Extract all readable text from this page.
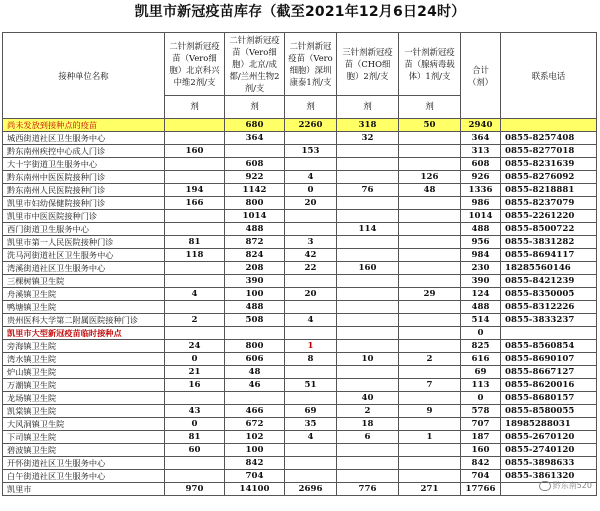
凯里市新冠疫苗库存（截至2021年12月6日24时）
接种单位名称	二针剂新冠疫苗（Vero细胞）北京科兴中维2剂/支	二针剂新冠疫苗（Vero细胞）北京/成都/兰州生物2剂/支	二针剂新冠疫苗（Vero细胞）深圳康泰1剂/支	三针剂新冠疫苗（CHO细胞）2剂/支	一针剂新冠疫苗（腺病毒载体）1剂/支	合计（剂）	联系电话
	剂	剂	剂	剂	剂		
尚未发放到接种点的疫苗		680	2260	318	50	2940	
城西街道社区卫生服务中心		364		32		364	0855-8257408
黔东南州疾控中心成人门诊	160		153			313	0855-8277018
大十字街道卫生服务中心		608				608	0855-8231639
黔东南州中医医院接种门诊		922	4		126	926	0855-8276092
黔东南州人民医院接种门诊	194	1142	0	76	48	1336	0855-8218881
凯里市妇幼保健院接种门诊	166	800	20			986	0855-8237079
凯里市中医医院接种门诊		1014				1014	0855-2261220
西门街道卫生服务中心		488		114		488	0855-8500722
凯里市第一人民医院接种门诊	81	872	3			956	0855-3831282
洗马河街道社区卫生服务中心	118	824	42			984	0855-8694117
湾溪街道社区卫生服务中心		208	22	160		230	18285560146
三棵树镇卫生院		390				390	0855-8421239
舟溪镇卫生院	4	100	20		29	124	0855-8350005
鸭塘镇卫生院		488				488	0855-8312226
贵州医科大学第二附属医院接种门诊	2	508	4			514	0855-3833237
凯里市大型新冠疫苗临时接种点						0	
旁海镇卫生院	24	800	1			825	0855-8560854
湾水镇卫生院	0	606	8	10	2	616	0855-8690107
炉山镇卫生院	21	48				69	0855-8667127
万潮镇卫生院	16	46	51		7	113	0855-8620016
龙场镇卫生院				40		0	0855-8680157
凯棠镇卫生院	43	466	69	2	9	578	0855-8580055
大风洞镇卫生院	0	672	35	18		707	18985288031
下司镇卫生院	81	102	4	6	1	187	0855-2670120
碧波镇卫生院	60	100				160	0855-2740120
开怀街道社区卫生服务中心		842				842	0855-3898633
白午街道社区卫生服务中心		704				704	0855-3861320
凯里市	970	14100	2696	776	271	17766		黔东南520
